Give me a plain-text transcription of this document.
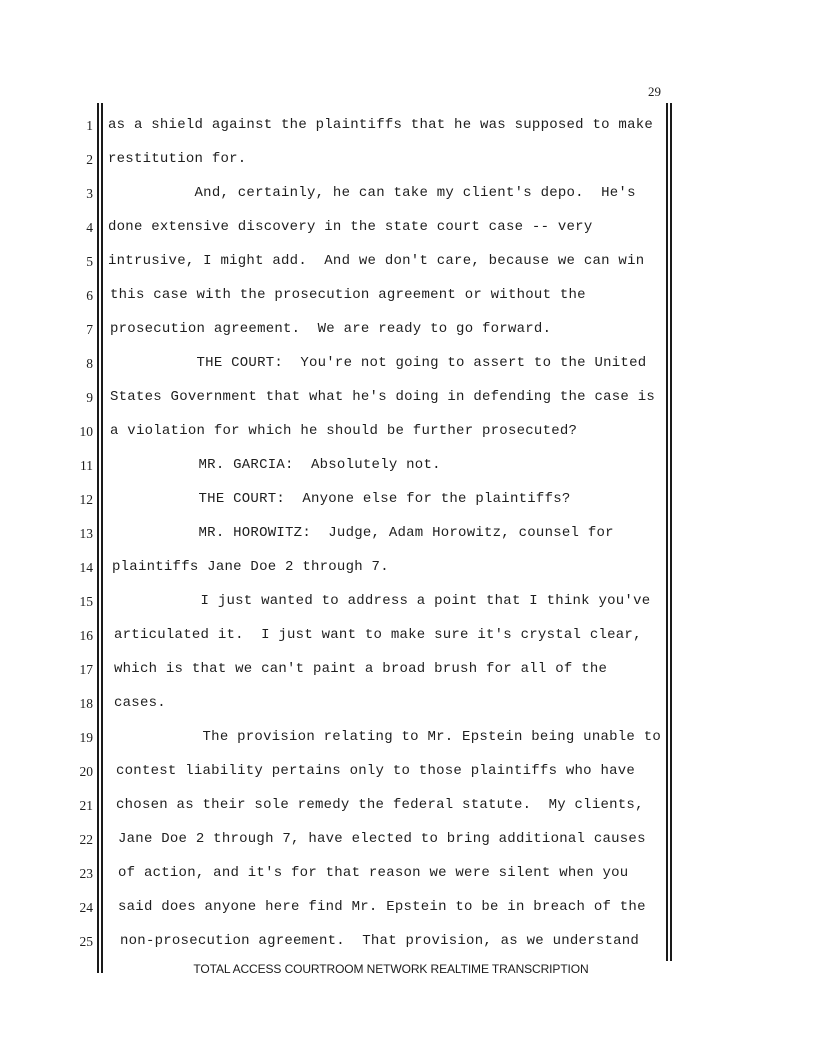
29
1 as a shield against the plaintiffs that he was supposed to make
2 restitution for.
3 And, certainly, he can take my client's depo.  He's
4 done extensive discovery in the state court case -- very
5 intrusive, I might add.  And we don't care, because we can win
6 this case with the prosecution agreement or without the
7 prosecution agreement.  We are ready to go forward.
8 THE COURT:  You're not going to assert to the United
9 States Government that what he's doing in defending the case is
10 a violation for which he should be further prosecuted?
11 MR. GARCIA:  Absolutely not.
12 THE COURT:  Anyone else for the plaintiffs?
13 MR. HOROWITZ:  Judge, Adam Horowitz, counsel for
14 plaintiffs Jane Doe 2 through 7.
15 I just wanted to address a point that I think you've
16 articulated it.  I just want to make sure it's crystal clear,
17 which is that we can't paint a broad brush for all of the
18 cases.
19 The provision relating to Mr. Epstein being unable to
20 contest liability pertains only to those plaintiffs who have
21 chosen as their sole remedy the federal statute.  My clients,
22 Jane Doe 2 through 7, have elected to bring additional causes
23 of action, and it's for that reason we were silent when you
24 said does anyone here find Mr. Epstein to be in breach of the
25 non-prosecution agreement.  That provision, as we understand
TOTAL ACCESS COURTROOM NETWORK REALTIME TRANSCRIPTION
